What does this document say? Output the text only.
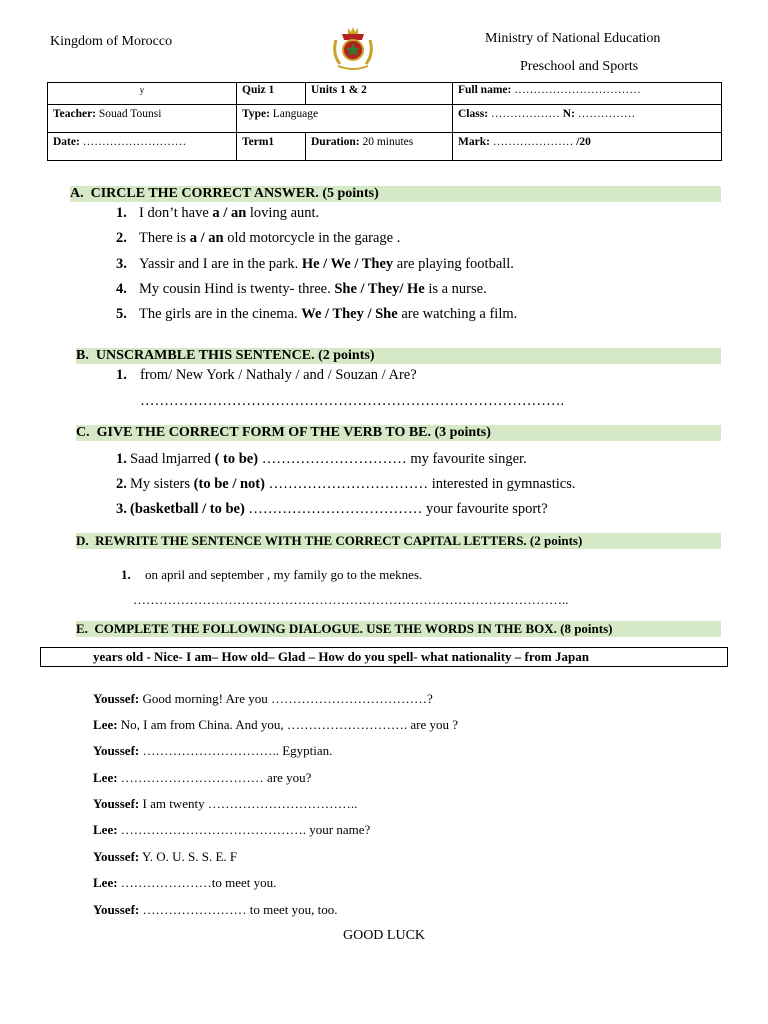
Kingdom of Morocco	Ministry of National Education
Preschool and Sports
y	Quiz 1	Units 1 & 2	Full name: ……………………………
Teacher: Souad Tounsi	Type: Language		Class: ……………… N: ……………
Date: ………………………	Term1	Duration: 20 minutes	Mark: ………………… /20
A. CIRCLE THE CORRECT ANSWER. (5 points)
1. I don’t have a / an loving aunt.
2. There is a / an old motorcycle in the garage .
3. Yassir and I are in the park. He / We / They are playing football.
4. My cousin Hind is twenty- three. She / They/ He is a nurse.
5. The girls are in the cinema. We / They / She are watching a film.
B. UNSCRAMBLE THIS SENTENCE. (2 points)
1. from/ New York / Nathaly / and / Souzan / Are?
…………………………………………………………………………….
C. GIVE THE CORRECT FORM OF THE VERB TO BE. (3 points)
1. Saad lmjarred ( to be) ………………………… my favourite singer.
2. My sisters (to be / not) …………………………… interested in gymnastics.
3. (basketball / to be) ……………………………… your favourite sport?
D. REWRITE THE SENTENCE WITH THE CORRECT CAPITAL LETTERS. (2 points)
1. on april and september , my family go to the meknes.
………………………………………………………………………………………..
E. COMPLETE THE FOLLOWING DIALOGUE. USE THE WORDS IN THE BOX. (8 points)
years old - Nice- I am– How old– Glad – How do you spell- what nationality – from Japan
Youssef: Good morning! Are you ………………………………?
Lee: No, I am from China. And you, ………………………. are you ?
Youssef: ………………………….. Egyptian.
Lee: …………………………… are you?
Youssef: I am twenty ……………………………..
Lee: ……………………………………. your name?
Youssef: Y. O. U. S. S. E. F
Lee: …………………to meet you.
Youssef: …………………… to meet you, too.
GOOD LUCK
